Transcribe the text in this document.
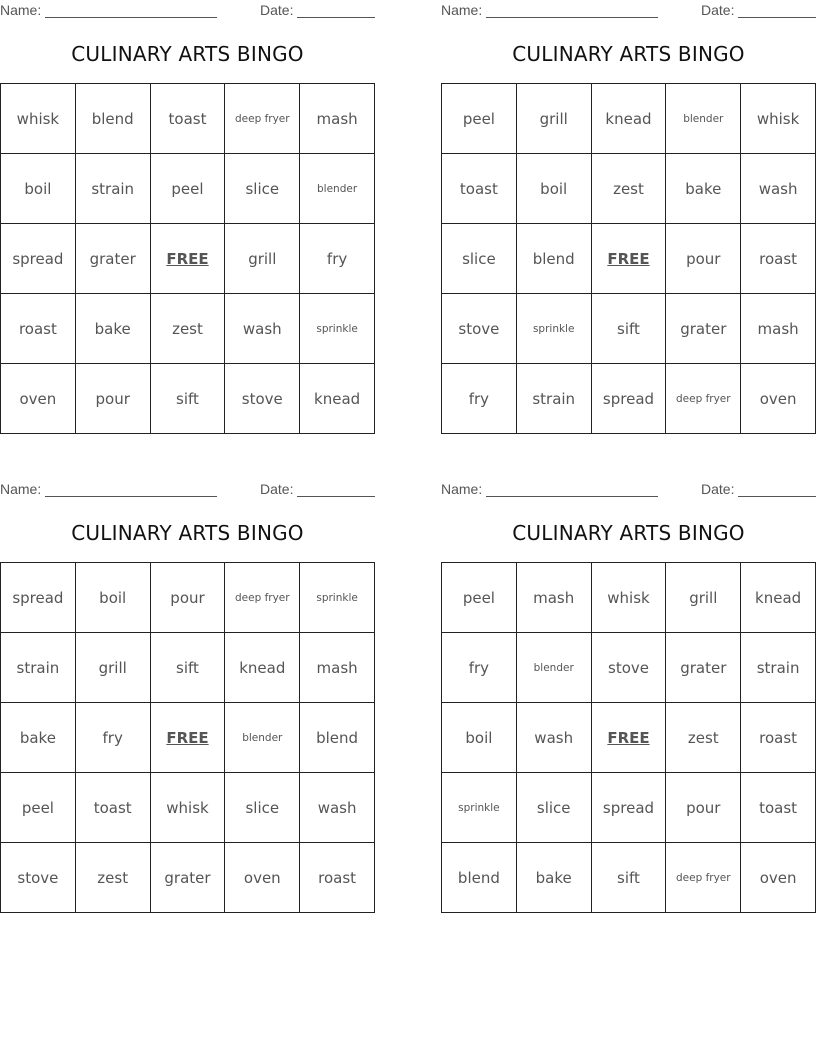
Name:	Date:
CULINARY ARTS BINGO
whisk	blend	toast	deep fryer	mash
boil	strain	peel	slice	blender
spread	grater	FREE	grill	fry
roast	bake	zest	wash	sprinkle
oven	pour	sift	stove	knead
Name:	Date:
CULINARY ARTS BINGO
peel	grill	knead	blender	whisk
toast	boil	zest	bake	wash
slice	blend	FREE	pour	roast
stove	sprinkle	sift	grater	mash
fry	strain	spread	deep fryer	oven
Name:	Date:
CULINARY ARTS BINGO
spread	boil	pour	deep fryer	sprinkle
strain	grill	sift	knead	mash
bake	fry	FREE	blender	blend
peel	toast	whisk	slice	wash
stove	zest	grater	oven	roast
Name:	Date:
CULINARY ARTS BINGO
peel	mash	whisk	grill	knead
fry	blender	stove	grater	strain
boil	wash	FREE	zest	roast
sprinkle	slice	spread	pour	toast
blend	bake	sift	deep fryer	oven
